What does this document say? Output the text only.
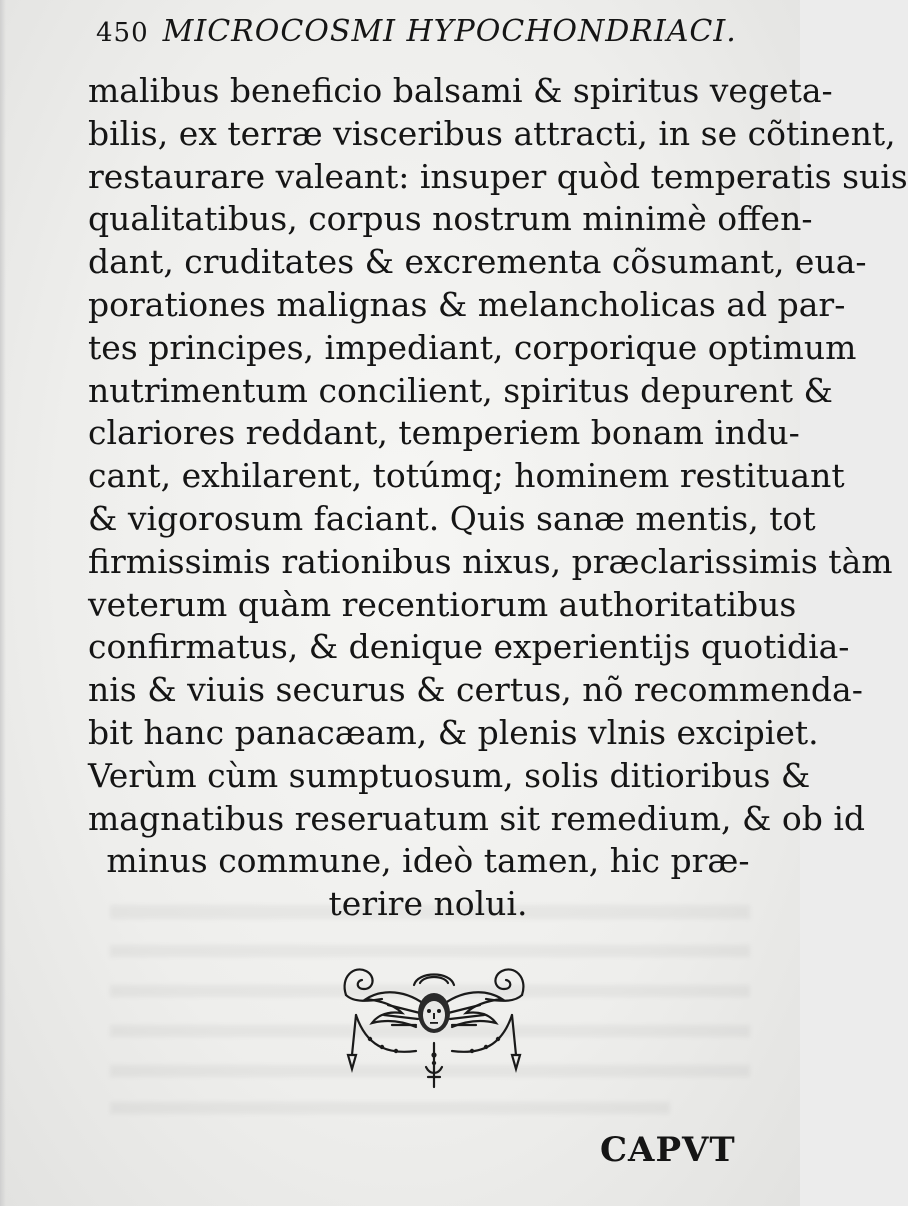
450 MICROCOSMI HYPOCHONDRIACI.
malibus beneficio balsami & spiritus vegeta-
bilis, ex terræ visceribus attracti, in se cõtinent,
restaurare valeant: insuper quòd temperatis suis
qualitatibus, corpus nostrum minimè offen-
dant, cruditates & excrementa cõsumant, eua-
porationes malignas & melancholicas ad par-
tes principes, impediant, corporique optimum
nutrimentum concilient, spiritus depurent &
clariores reddant, temperiem bonam indu-
cant, exhilarent, totúmq; hominem restituant
& vigorosum faciant. Quis sanæ mentis, tot
firmissimis rationibus nixus, præclarissimis tàm
veterum quàm recentiorum authoritatibus
confirmatus, & denique experientijs quotidia-
nis & viuis securus & certus, nõ recommenda-
bit hanc panacæam, & plenis vlnis excipiet.
Verùm cùm sumptuosum, solis ditioribus &
magnatibus reseruatum sit remedium, & ob id
minus commune, ideò tamen, hic præ-
terire nolui.
CAPVT
